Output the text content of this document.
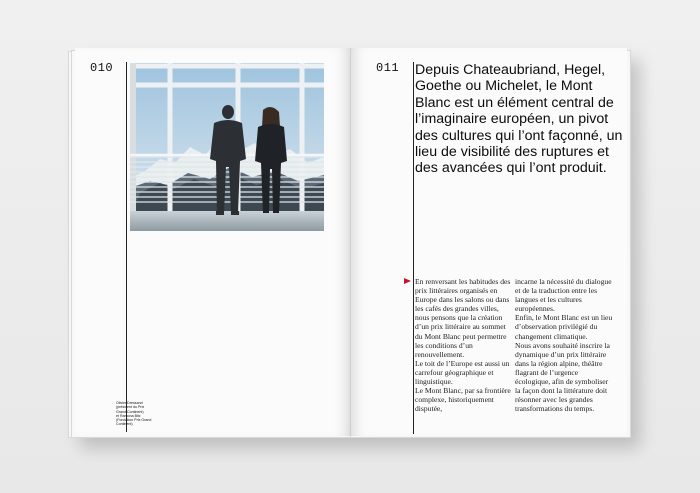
010
Olivier Dressand
(président du Prix
Grand Continent)
et Ramona Bitz
(Fondation Prix Grand
Continent)
011 Depuis Chateaubriand, Hegel, Goethe ou Michelet, le Mont Blanc est un élément central de l’imaginaire européen, un pivot des cultures qui l’ont façonné, un lieu de visibilité des ruptures et des avancées qui l’ont produit.

En renversant les habitudes des prix littéraires organisés en Europe dans les salons ou dans les cafés des grandes villes, nous pensons que la création d’un prix littéraire au sommet du Mont Blanc peut permettre les conditions d’un renouvellement.

Le toit de l’Europe est aussi un carrefour géographique et linguistique.

Le Mont Blanc, par sa frontière complexe, historiquement disputée,

incarne la nécessité du dialogue et de la traduction entre les langues et les cultures européennes.

Enfin, le Mont Blanc est un lieu d’observation privilégié du changement climatique.

Nous avons souhaité inscrire la dynamique d’un prix littéraire dans la région alpine, théâtre flagrant de l’urgence écologique, afin de symboliser la façon dont la littérature doit résonner avec les grandes transformations du temps.
